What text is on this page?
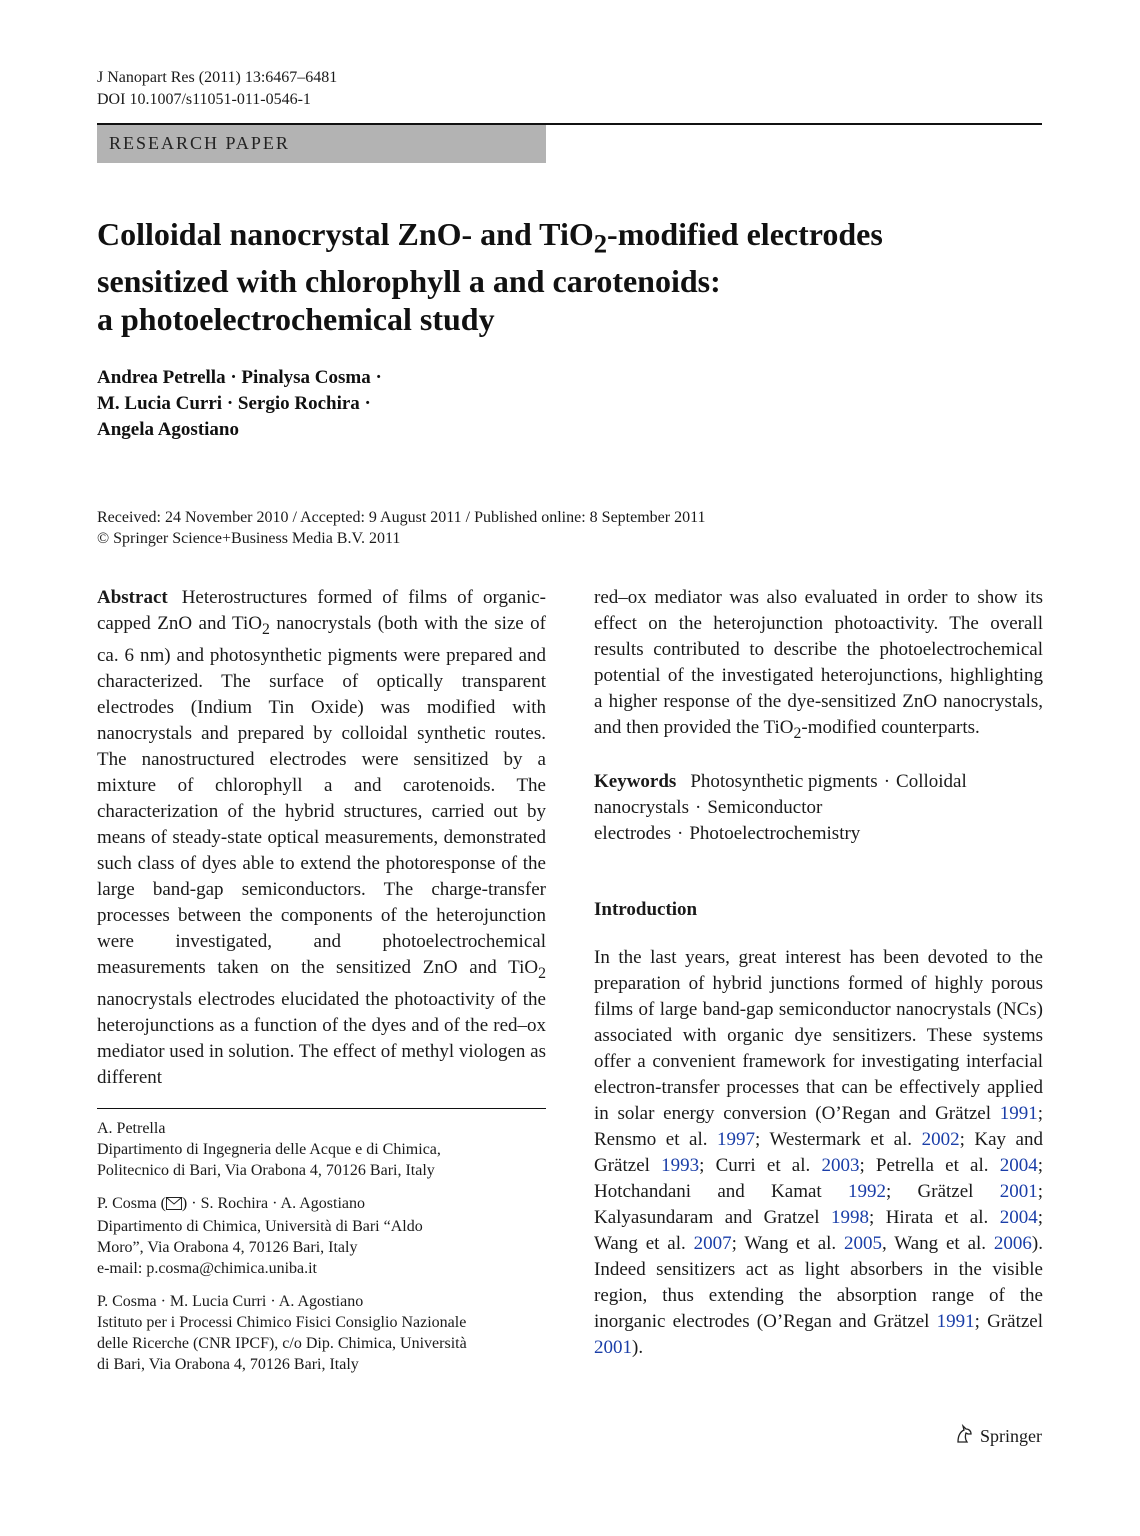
J Nanopart Res (2011) 13:6467–6481
DOI 10.1007/s11051-011-0546-1
RESEARCH PAPER
Colloidal nanocrystal ZnO- and TiO$_2$-modified electrodes
sensitized with chlorophyll a and carotenoids:
a photoelectrochemical study
Andrea Petrella · Pinalysa Cosma ·
M. Lucia Curri · Sergio Rochira ·
Angela Agostiano
Received: 24 November 2010 / Accepted: 9 August 2011 / Published online: 8 September 2011
© Springer Science+Business Media B.V. 2011

Abstract Heterostructures formed of films of organic-capped ZnO and TiO$_2$ nanocrystals (both with the size of ca. 6 nm) and photosynthetic pigments were prepared and characterized. The surface of optically transparent electrodes (Indium Tin Oxide) was modified with nanocrystals and prepared by colloidal synthetic routes. The nanostructured electrodes were sensitized by a mixture of chlorophyll a and carotenoids. The characterization of the hybrid structures, carried out by means of steady-state optical measurements, demonstrated such class of dyes able to extend the photoresponse of the large band-gap semiconductors. The charge-transfer processes between the components of the heterojunction were investigated, and photoelectrochemical measurements taken on the sensitized ZnO and TiO$_2$ nanocrystals electrodes elucidated the photoactivity of the heterojunctions as a function of the dyes and of the red–ox mediator used in solution. The effect of methyl viologen as different

red–ox mediator was also evaluated in order to show its effect on the heterojunction photoactivity. The overall results contributed to describe the photoelectrochemical potential of the investigated heterojunctions, highlighting a higher response of the dye-sensitized ZnO nanocrystals, and then provided the TiO$_2$-modified counterparts.

Keywords Photosynthetic pigments · Colloidal nanocrystals · Semiconductor electrodes · Photoelectrochemistry

Introduction

In the last years, great interest has been devoted to the preparation of hybrid junctions formed of highly porous films of large band-gap semiconductor nanocrystals (NCs) associated with organic dye sensitizers. These systems offer a convenient framework for investigating interfacial electron-transfer processes that can be effectively applied in solar energy conversion (O’Regan and Grätzel 1991; Rensmo et al. 1997; Westermark et al. 2002; Kay and Grätzel 1993; Curri et al. 2003; Petrella et al. 2004; Hotchandani and Kamat 1992; Grätzel 2001; Kalyasundaram and Gratzel 1998; Hirata et al. 2004; Wang et al. 2007; Wang et al. 2005, Wang et al. 2006). Indeed sensitizers act as light absorbers in the visible region, thus extending the absorption range of the inorganic electrodes (O’Regan and Grätzel 1991; Grätzel 2001).

A. Petrella
Dipartimento di Ingegneria delle Acque e di Chimica,
Politecnico di Bari, Via Orabona 4, 70126 Bari, Italy

P. Cosma ( ) · S. Rochira · A. Agostiano
Dipartimento di Chimica, Università di Bari “Aldo
Moro”, Via Orabona 4, 70126 Bari, Italy
e-mail: p.cosma@chimica.uniba.it

P. Cosma · M. Lucia Curri · A. Agostiano
Istituto per i Processi Chimico Fisici Consiglio Nazionale
delle Ricerche (CNR IPCF), c/o Dip. Chimica, Università
di Bari, Via Orabona 4, 70126 Bari, Italy

Springer
